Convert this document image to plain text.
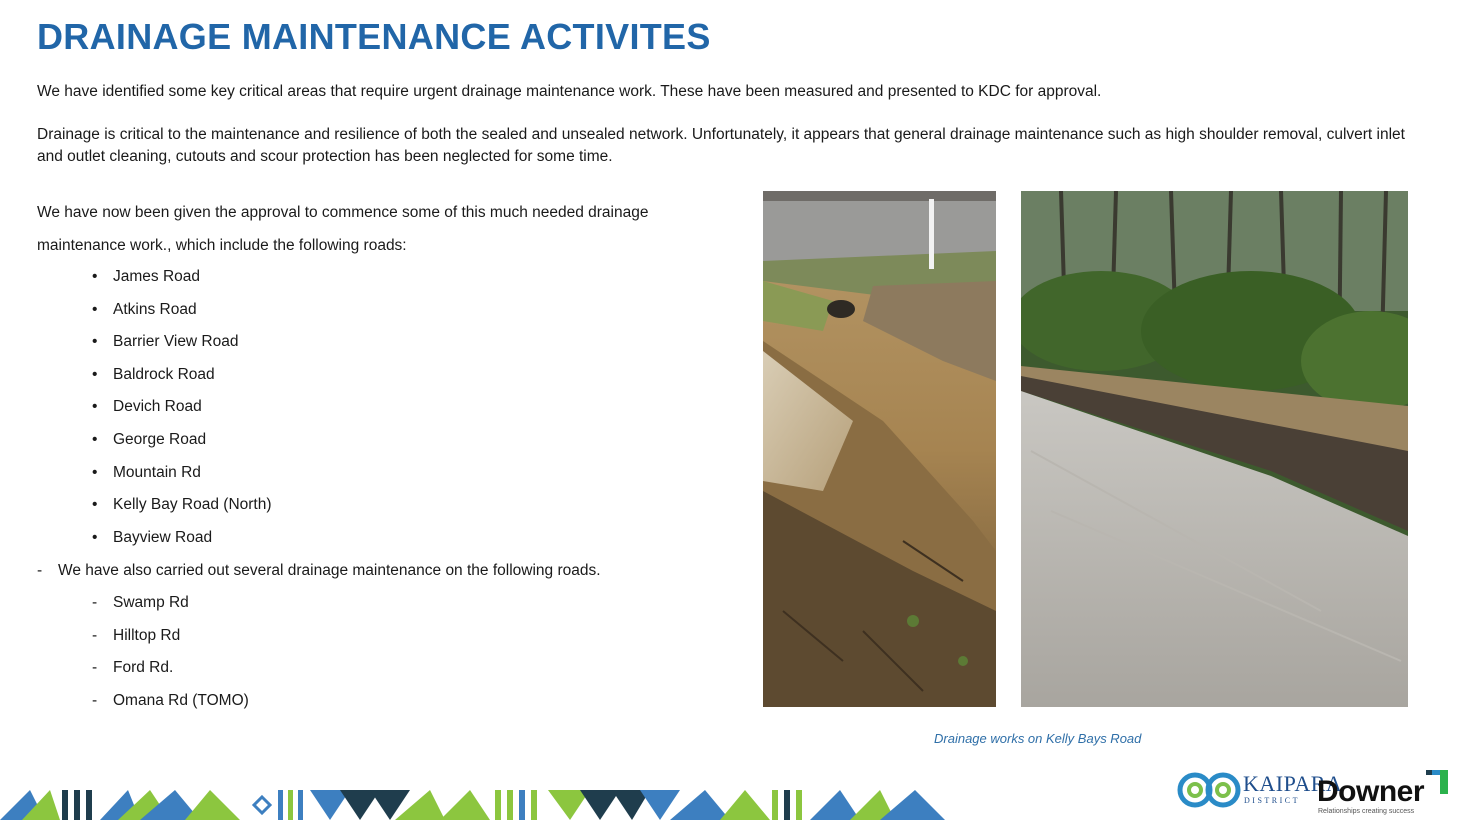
DRAINAGE MAINTENANCE ACTIVITES
We have identified some key critical areas that require urgent drainage maintenance work. These have been measured and presented to KDC for approval.
Drainage is critical to the maintenance and resilience of both the sealed and unsealed network. Unfortunately, it appears that general drainage maintenance such as high shoulder removal, culvert inlet and outlet cleaning, cutouts and scour protection has been neglected for some time.
We have now been given the approval to commence some of this much needed drainage
maintenance work., which include the following roads:
• James Road
• Atkins Road
• Barrier View Road
• Baldrock Road
• Devich Road
• George Road
• Mountain Rd
• Kelly Bay Road (North)
• Bayview Road
- We have also carried out several drainage maintenance on the following roads.
- Swamp Rd
- Hilltop Rd
- Ford Rd.
- Omana Rd (TOMO)
Drainage works on Kelly Bays Road
KAIPARA
DISTRICT Downer
Relationships creating success
